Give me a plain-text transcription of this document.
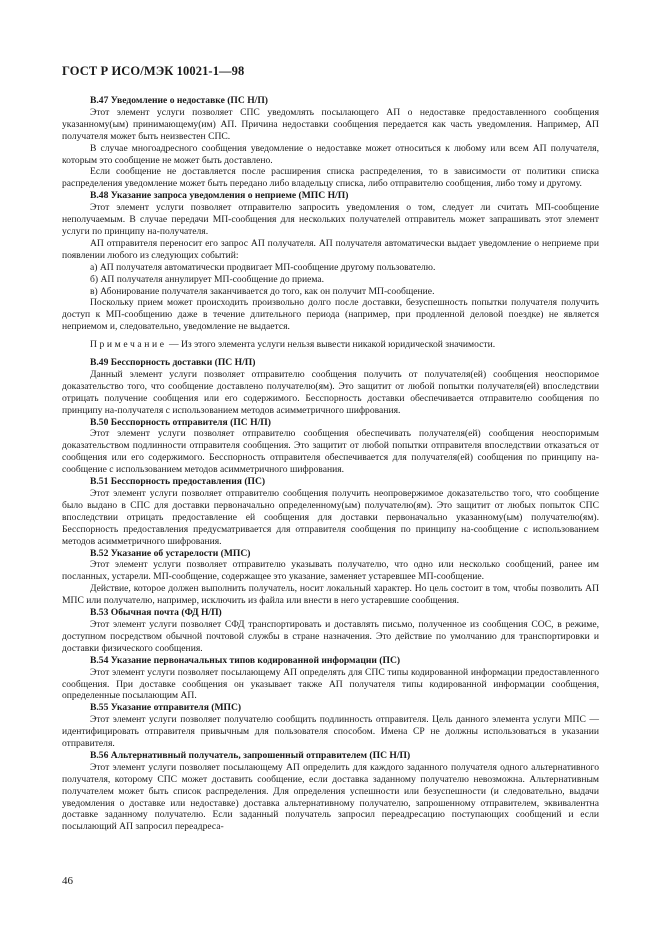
ГОСТ Р ИСО/МЭК 10021-1—98

B.47 Уведомление о недоставке (ПС Н/П)

Этот элемент услуги позволяет СПС уведомлять посылающего АП о недоставке предоставленного сообщения указанному(ым) принимающему(им) АП. Причина недоставки сообщения передается как часть уведомления. Например, АП получателя может быть неизвестен СПС.

В случае многоадресного сообщения уведомление о недоставке может относиться к любому или всем АП получателя, которым это сообщение не может быть доставлено.

Если сообщение не доставляется после расширения списка распределения, то в зависимости от политики списка распределения уведомление может быть передано либо владельцу списка, либо отправителю сообщения, либо тому и другому.

B.48 Указание запроса уведомления о неприеме (МПС Н/П)

Этот элемент услуги позволяет отправителю запросить уведомления о том, следует ли считать МП-сообщение неполучаемым. В случае передачи МП-сообщения для нескольких получателей отправитель может запрашивать этот элемент услуги по принципу на-получателя.

АП отправителя переносит его запрос АП получателя. АП получателя автоматически выдает уведомление о неприеме при появлении любого из следующих событий:

а) АП получателя автоматически продвигает МП-сообщение другому пользователю.

б) АП получателя аннулирует МП-сообщение до приема.

в) Абонирование получателя заканчивается до того, как он получит МП-сообщение.

Поскольку прием может происходить произвольно долго после доставки, безуспешность попытки получателя получить доступ к МП-сообщению даже в течение длительного периода (например, при продленной деловой поездке) не является неприемом и, следовательно, уведомление не выдается.

Примечание — Из этого элемента услуги нельзя вывести никакой юридической значимости.

B.49 Бесспорность доставки (ПС Н/П)

Данный элемент услуги позволяет отправителю сообщения получить от получателя(ей) сообщения неоспоримое доказательство того, что сообщение доставлено получателю(ям). Это защитит от любой попытки получателя(ей) впоследствии отрицать получение сообщения или его содержимого. Бесспорность доставки обеспечивается отправителю сообщения по принципу на-получателя с использованием методов асимметричного шифрования.

B.50 Бесспорность отправителя (ПС Н/П)

Этот элемент услуги позволяет отправителю сообщения обеспечивать получателя(ей) сообщения неоспоримым доказательством подлинности отправителя сообщения. Это защитит от любой попытки отправителя впоследствии отказаться от сообщения или его содержимого. Бесспорность отправителя обеспечивается для получателя(ей) сообщения по принципу на-сообщение с использованием методов асимметричного шифрования.

B.51 Бесспорность предоставления (ПС)

Этот элемент услуги позволяет отправителю сообщения получить неопровержимое доказательство того, что сообщение было выдано в СПС для доставки первоначально определенному(ым) получателю(ям). Это защитит от любых попыток СПС впоследствии отрицать предоставление ей сообщения для доставки первоначально указанному(ым) получателю(ям). Бесспорность предоставления предусматривается для отправителя сообщения по принципу на-сообщение с использованием методов асимметричного шифрования.

B.52 Указание об устарелости (МПС)

Этот элемент услуги позволяет отправителю указывать получателю, что одно или несколько сообщений, ранее им посланных, устарели. МП-сообщение, содержащее это указание, заменяет устаревшее МП-сообщение.

Действие, которое должен выполнить получатель, носит локальный характер. Но цель состоит в том, чтобы позволить АП МПС или получателю, например, исключить из файла или внести в него устаревшие сообщения.

B.53 Обычная почта (ФД Н/П)

Этот элемент услуги позволяет СФД транспортировать и доставлять письмо, полученное из сообщения СОС, в режиме, доступном посредством обычной почтовой службы в стране назначения. Это действие по умолчанию для транспортировки и доставки физического сообщения.

B.54 Указание первоначальных типов кодированной информации (ПС)

Этот элемент услуги позволяет посылающему АП определять для СПС типы кодированной информации предоставленного сообщения. При доставке сообщения он указывает также АП получателя типы кодированной информации сообщения, определенные посылающим АП.

B.55 Указание отправителя (МПС)

Этот элемент услуги позволяет получателю сообщить подлинность отправителя. Цель данного элемента услуги МПС — идентифицировать отправителя привычным для пользователя способом. Имена СР не должны использоваться в указании отправителя.

B.56 Альтернативный получатель, запрошенный отправителем (ПС Н/П)

Этот элемент услуги позволяет посылающему АП определить для каждого заданного получателя одного альтернативного получателя, которому СПС может доставить сообщение, если доставка заданному получателю невозможна. Альтернативным получателем может быть список распределения. Для определения успешности или безуспешности (и следовательно, выдачи уведомления о доставке или недоставке) доставка альтернативному получателю, запрошенному отправителем, эквивалентна доставке заданному получателю. Если заданный получатель запросил переадресацию поступающих сообщений и если посылающий АП запросил переадреса-

46
